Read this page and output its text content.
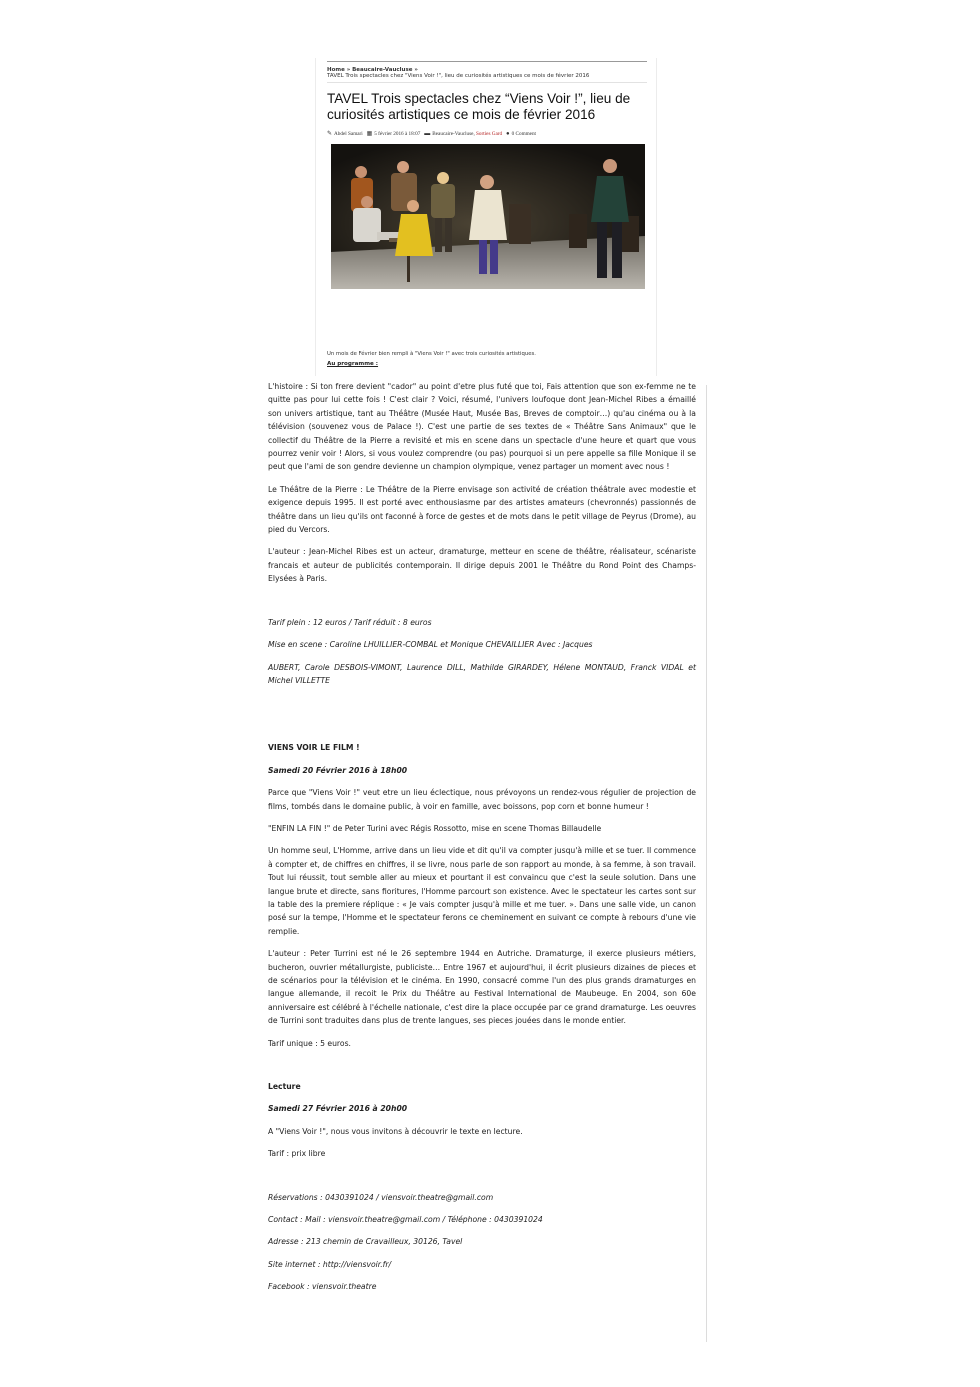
Home » Beaucaire-Vaucluse »
TAVEL Trois spectacles chez "Viens Voir !", lieu de curiosités artistiques ce mois de février 2016
TAVEL Trois spectacles chez “Viens Voir !”, lieu de curiosités artistiques ce mois de février 2016
✎ Abdel Samari ▦ 5 février 2016 à 18:07 ▬ Beaucaire-Vaucluse, Sorties Gard ● 0 Comment

Un mois de Février bien rempli à "Viens Voir !" avec trois curiosités artistiques.

Au programme :

L'histoire : Si ton frere devient "cador" au point d'etre plus futé que toi, Fais attention que son ex-femme ne te quitte pas pour lui cette fois ! C'est clair ? Voici, résumé, l'univers loufoque dont Jean-Michel Ribes a émaillé son univers artistique, tant au Théâtre (Musée Haut, Musée Bas, Breves de comptoir…) qu'au cinéma ou à la télévision (souvenez vous de Palace !). C'est une partie de ses textes de « Théâtre Sans Animaux" que le collectif du Théâtre de la Pierre a revisité et mis en scene dans un spectacle d'une heure et quart que vous pourrez venir voir ! Alors, si vous voulez comprendre (ou pas) pourquoi si un pere appelle sa fille Monique il se peut que l'ami de son gendre devienne un champion olympique, venez partager un moment avec nous !

Le Théâtre de la Pierre : Le Théâtre de la Pierre envisage son activité de création théâtrale avec modestie et exigence depuis 1995. Il est porté avec enthousiasme par des artistes amateurs (chevronnés) passionnés de théâtre dans un lieu qu'ils ont faconné à force de gestes et de mots dans le petit village de Peyrus (Drome), au pied du Vercors.

L'auteur : Jean-Michel Ribes est un acteur, dramaturge, metteur en scene de théâtre, réalisateur, scénariste francais et auteur de publicités contemporain. Il dirige depuis 2001 le Théâtre du Rond Point des Champs-Elysées à Paris.

Tarif plein : 12 euros / Tarif réduit : 8 euros

Mise en scene : Caroline LHUILLIER-COMBAL et Monique CHEVAILLIER Avec : Jacques

AUBERT, Carole DESBOIS-VIMONT, Laurence DILL, Mathilde GIRARDEY, Hélene MONTAUD, Franck VIDAL et Michel VILLETTE

VIENS VOIR LE FILM !

Samedi 20 Février 2016 à 18h00

Parce que "Viens Voir !" veut etre un lieu éclectique, nous prévoyons un rendez-vous régulier de projection de films, tombés dans le domaine public, à voir en famille, avec boissons, pop corn et bonne humeur !

"ENFIN LA FIN !" de Peter Turini avec Régis Rossotto, mise en scene Thomas Billaudelle

Un homme seul, L'Homme, arrive dans un lieu vide et dit qu'il va compter jusqu'à mille et se tuer. Il commence à compter et, de chiffres en chiffres, il se livre, nous parle de son rapport au monde, à sa femme, à son travail. Tout lui réussit, tout semble aller au mieux et pourtant il est convaincu que c'est la seule solution. Dans une langue brute et directe, sans fioritures, l'Homme parcourt son existence. Avec le spectateur les cartes sont sur la table des la premiere réplique : « Je vais compter jusqu'à mille et me tuer. ». Dans une salle vide, un canon posé sur la tempe, l'Homme et le spectateur ferons ce cheminement en suivant ce compte à rebours d'une vie remplie.

L'auteur : Peter Turrini est né le 26 septembre 1944 en Autriche. Dramaturge, il exerce plusieurs métiers, bucheron, ouvrier métallurgiste, publiciste… Entre 1967 et aujourd'hui, il écrit plusieurs dizaines de pieces et de scénarios pour la télévision et le cinéma. En 1990, consacré comme l'un des plus grands dramaturges en langue allemande, il recoit le Prix du Théâtre au Festival International de Maubeuge. En 2004, son 60e anniversaire est célébré à l'échelle nationale, c'est dire la place occupée par ce grand dramaturge. Les oeuvres de Turrini sont traduites dans plus de trente langues, ses pieces jouées dans le monde entier.

Tarif unique : 5 euros.

Lecture

Samedi 27 Février 2016 à 20h00

A "Viens Voir !", nous vous invitons à découvrir le texte en lecture.

Tarif : prix libre

Réservations : 0430391024 / viensvoir.theatre@gmail.com

Contact : Mail : viensvoir.theatre@gmail.com / Téléphone : 0430391024

Adresse : 213 chemin de Cravailleux, 30126, Tavel

Site internet : http://viensvoir.fr/

Facebook : viensvoir.theatre
